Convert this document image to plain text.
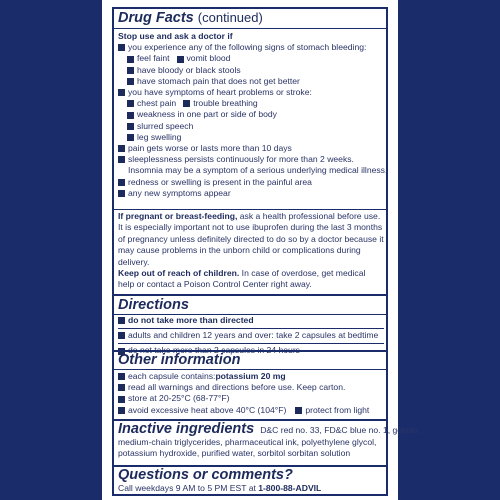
Drug Facts (continued)
Stop use and ask a doctor if
you experience any of the following signs of stomach bleeding:
feel faint vomit blood
have bloody or black stools
have stomach pain that does not get better
you have symptoms of heart problems or stroke:
chest pain trouble breathing
weakness in one part or side of body
slurred speech
leg swelling
pain gets worse or lasts more than 10 days
sleeplessness persists continuously for more than 2 weeks.
Insomnia may be a symptom of a serious underlying medical illness.
redness or swelling is present in the painful area
any new symptoms appear
If pregnant or breast-feeding, ask a health professional before use. It is especially important not to use ibuprofen during the last 3 months of pregnancy unless definitely directed to do so by a doctor because it may cause problems in the unborn child or complications during delivery.
Keep out of reach of children. In case of overdose, get medical help or contact a Poison Control Center right away.
Directions
do not take more than directed
adults and children 12 years and over: take 2 capsules at bedtime
Other information
each capsule contains: potassium 20 mg
read all warnings and directions before use. Keep carton.
store at 20-25°C (68-77°F)
avoid excessive heat above 40°C (104°F) protect from light
Inactive ingredients D&C red no. 33, FD&C blue no. 1, gelatin,
medium-chain triglycerides, pharmaceutical ink, polyethylene glycol,
potassium hydroxide, purified water, sorbitol sorbitan solution
Questions or comments?
Call weekdays 9 AM to 5 PM EST at 1-800-88-ADVIL
